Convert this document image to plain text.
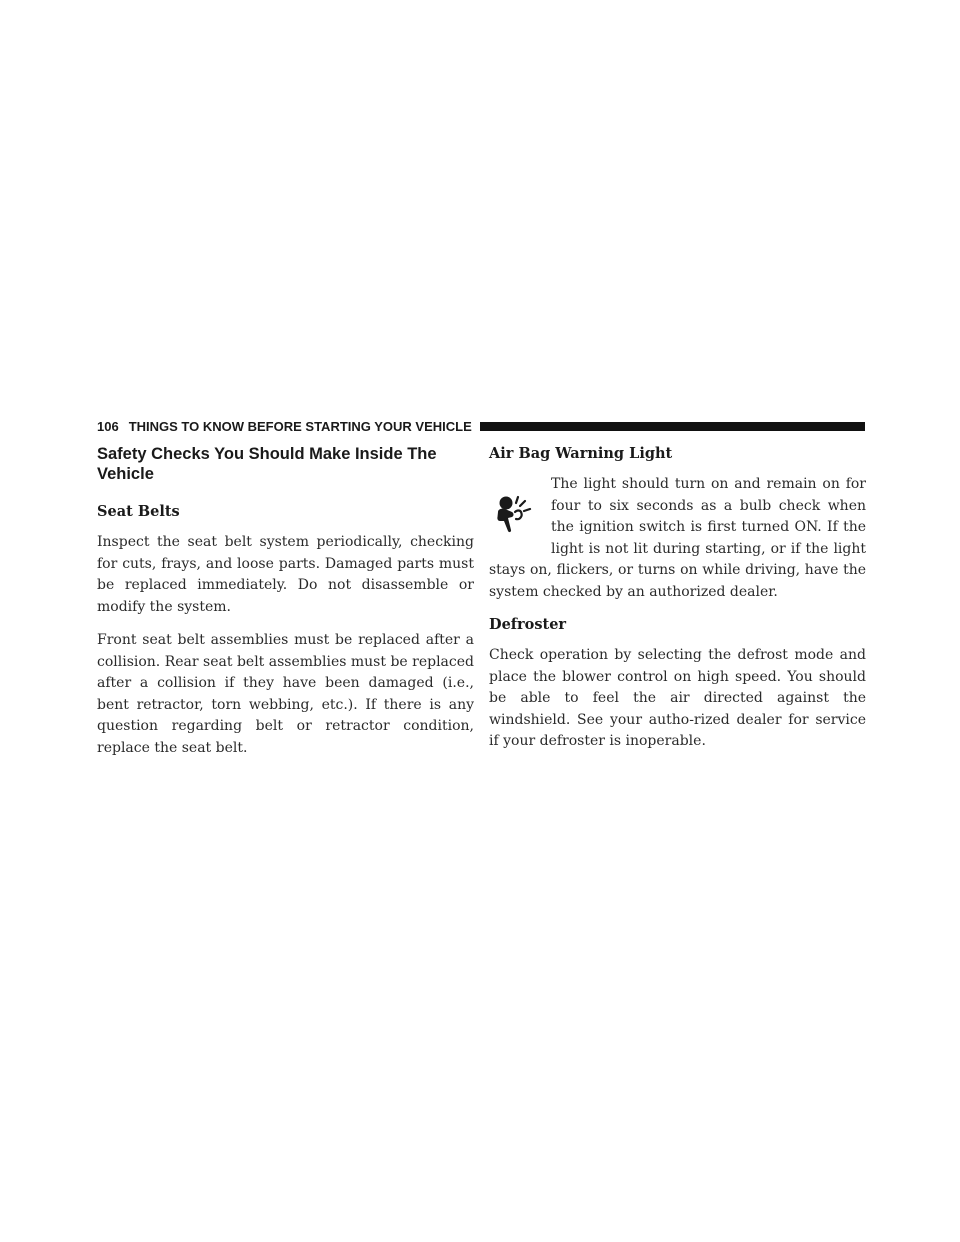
106 THINGS TO KNOW BEFORE STARTING YOUR VEHICLE
Safety Checks You Should Make Inside The Vehicle
Seat Belts

Inspect the seat belt system periodically, checking for cuts, frays, and loose parts. Damaged parts must be replaced immediately. Do not disassemble or modify the system.

Front seat belt assemblies must be replaced after a collision. Rear seat belt assemblies must be replaced after a collision if they have been damaged (i.e., bent retractor, torn webbing, etc.). If there is any question regarding belt or retractor condition, replace the seat belt.

Air Bag Warning Light

The light should turn on and remain on for four to six seconds as a bulb check when the ignition switch is first turned ON. If the light is not lit during starting, or if the light stays on, flickers, or turns on while driving, have the system checked by an authorized dealer.

Defroster

Check operation by selecting the defrost mode and place the blower control on high speed. You should be able to feel the air directed against the windshield. See your autho-rized dealer for service if your defroster is inoperable.
